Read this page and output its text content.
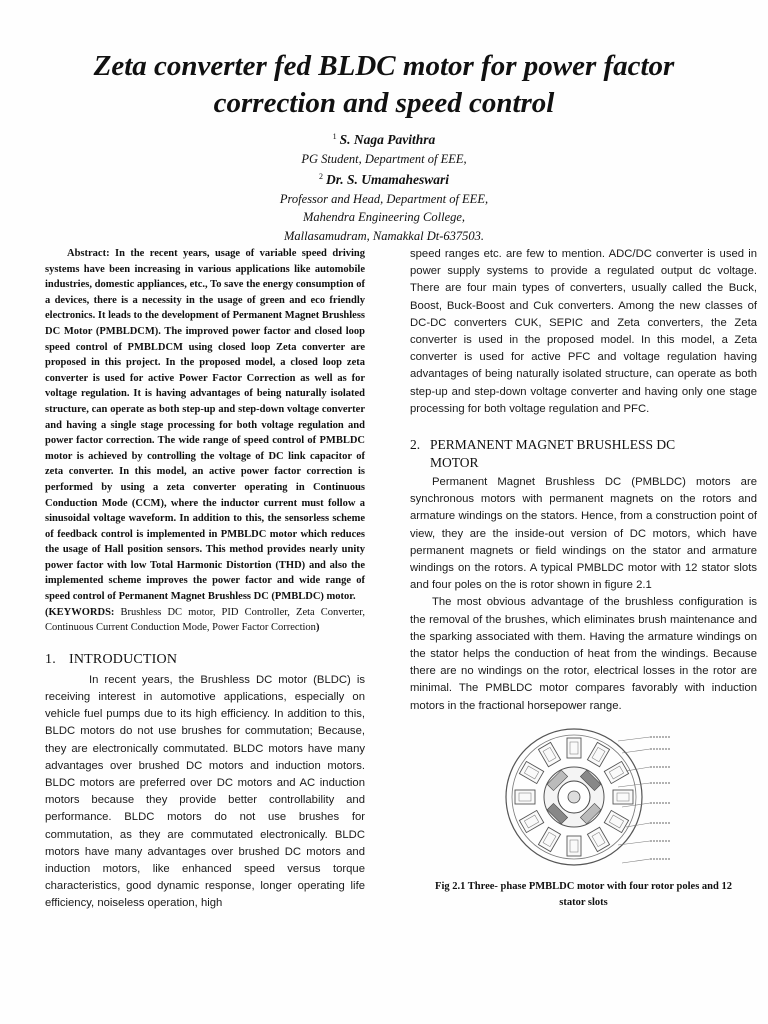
Zeta converter fed BLDC motor for power factor correction and speed control
$^1$ S. Naga Pavithra
PG Student, Department of EEE,
$^2$ Dr. S. Umamaheswari
Professor and Head, Department of EEE,
Mahendra Engineering College,
Mallasamudram, Namakkal Dt-637503.

Abstract: In the recent years, usage of variable speed driving systems have been increasing in various applications like automobile industries, domestic appliances, etc., To save the energy consumption of a devices, there is a necessity in the usage of green and eco friendly electronics. It leads to the development of Permanent Magnet Brushless DC Motor (PMBLDCM). The improved power factor and closed loop speed control of PMBLDCM using closed loop Zeta converter are proposed in this project. In the proposed model, a closed loop zeta converter is used for active Power Factor Correction as well as for voltage regulation. It is having advantages of being naturally isolated structure, can operate as both step-up and step-down voltage converter and having a single stage processing for both voltage regulation and power factor correction. The wide range of speed control of PMBLDC motor is achieved by controlling the voltage of DC link capacitor of zeta converter. In this model, an active power factor correction is performed by using a zeta converter operating in Continuous Conduction Mode (CCM), where the inductor current must follow a sinusoidal voltage waveform. In addition to this, the sensorless scheme of feedback control is implemented in PMBLDC motor which reduces the usage of Hall position sensors. This method provides nearly unity power factor with low Total Harmonic Distortion (THD) and also the implemented scheme improves the power factor and wide range of speed control of Permanent Magnet Brushless DC (PMBLDC) motor.

(KEYWORDS: Brushless DC motor, PID Controller, Zeta Converter, Continuous Current Conduction Mode, Power Factor Correction)

1. INTRODUCTION

In recent years, the Brushless DC motor (BLDC) is receiving interest in automotive applications, especially on vehicle fuel pumps due to its high efficiency. In addition to this, BLDC motors do not use brushes for commutation; Because, they are electronically commutated. BLDC motors have many advantages over brushed DC motors and induction motors. BLDC motors are preferred over DC motors and AC induction motors because they provide better controllability and performance. BLDC motors do not use brushes for commutation, as they are commutated electronically. BLDC motors have many advantages over brushed DC motors and induction motors, like enhanced speed versus torque characteristics, good dynamic response, longer operating life efficiency, noiseless operation, high

speed ranges etc. are few to mention. ADC/DC converter is used in power supply systems to provide a regulated output dc voltage. There are four main types of converters, usually called the Buck, Boost, Buck-Boost and Cuk converters. Among the new classes of DC-DC converters CUK, SEPIC and Zeta converters, the Zeta converter is used in the proposed model. In this model, a Zeta converter is used for active PFC and voltage regulation having advantages of being naturally isolated structure, can operate as both step-up and step-down voltage converter and having only one stage processing for both voltage regulation and PFC.

2. PERMANENT MAGNET BRUSHLESS DC
MOTOR

Permanent Magnet Brushless DC (PMBLDC) motors are synchronous motors with permanent magnets on the rotors and armature windings on the stators. Hence, from a construction point of view, they are the inside-out version of DC motors, which have permanent magnets or field windings on the stator and armature windings on the rotors. A typical PMBLDC motor with 12 stator slots and four poles on the is rotor shown in figure 2.1

The most obvious advantage of the brushless configuration is the removal of the brushes, which eliminates brush maintenance and the sparking associated with them. Having the armature windings on the stator helps the conduction of heat from the windings. Because there are no windings on the rotor, electrical losses in the rotor are minimal. The PMBLDC motor compares favorably with induction motors in the fractional horsepower range.

Fig 2.1 Three- phase PMBLDC motor with four rotor poles and 12 stator slots
